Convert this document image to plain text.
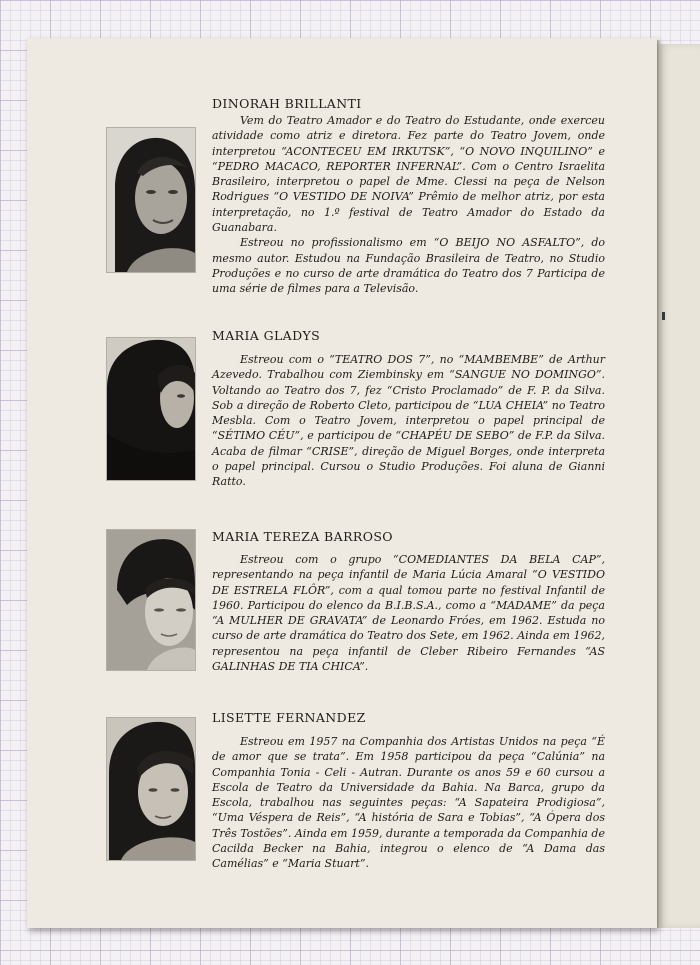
DINORAH BRILLANTI

Vem do Teatro Amador e do Teatro do Estudante, onde exerceu atividade como atriz e diretora. Fez parte do Teatro Jovem, onde interpretou “ACONTECEU EM IRKUTSK”, “O NOVO INQUILINO” e “PEDRO MACACO, REPORTER INFERNAL”. Com o Centro Israelita Brasileiro, interpretou o papel de Mme. Clessi na peça de Nelson Rodrigues “O VESTIDO DE NOIVA” Prêmio de melhor atriz, por esta interpretação, no 1.º festival de Teatro Amador do Estado da Guanabara.

Estreou no profissionalismo em “O BEIJO NO ASFALTO”, do mesmo autor. Estudou na Fundação Brasileira de Teatro, no Studio Produções e no curso de arte dramática do Teatro dos 7 Participa de uma série de filmes para a Televisão.

MARIA GLADYS

Estreou com o “TEATRO DOS 7”, no “MAMBEMBE” de Arthur Azevedo. Trabalhou com Ziembinsky em “SANGUE NO DOMINGO”. Voltando ao Teatro dos 7, fez “Cristo Proclamado” de F. P. da Silva. Sob a direção de Roberto Cleto, participou de “LUA CHEIA” no Teatro Mesbla. Com o Teatro Jovem, interpretou o papel principal de “SÉTIMO CÉU”, e participou de “CHAPÉU DE SEBO” de F.P. da Silva. Acaba de filmar “CRISE”, direção de Miguel Borges, onde interpreta o papel principal. Cursou o Studio Produções. Foi aluna de Gianni Ratto.

MARIA TEREZA BARROSO

Estreou com o grupo “COMEDIANTES DA BELA CAP”, representando na peça infantil de Maria Lúcia Amaral “O VESTIDO DE ESTRELA FLÔR”, com a qual tomou parte no festival Infantil de 1960. Participou do elenco da B.I.B.S.A., como a “MADAME” da peça “A MULHER DE GRAVATA” de Leonardo Fróes, em 1962. Estuda no curso de arte dramática do Teatro dos Sete, em 1962. Ainda em 1962, representou na peça infantil de Cleber Ribeiro Fernandes “AS GALINHAS DE TIA CHICA”.

LISETTE FERNANDEZ

Estreou em 1957 na Companhia dos Artistas Unidos na peça “É de amor que se trata”. Em 1958 participou da peça “Calúnia” na Companhia Tonia - Celi - Autran. Durante os anos 59 e 60 cursou a Escola de Teatro da Universidade da Bahia. Na Barca, grupo da Escola, trabalhou nas seguintes peças: “A Sapateira Prodigiosa”, “Uma Véspera de Reis”, “A história de Sara e Tobias”, “A Ópera dos Três Tostões”. Ainda em 1959, durante a temporada da Companhia de Cacilda Becker na Bahia, integrou o elenco de “A Dama das Camélias” e “Maria Stuart”.
